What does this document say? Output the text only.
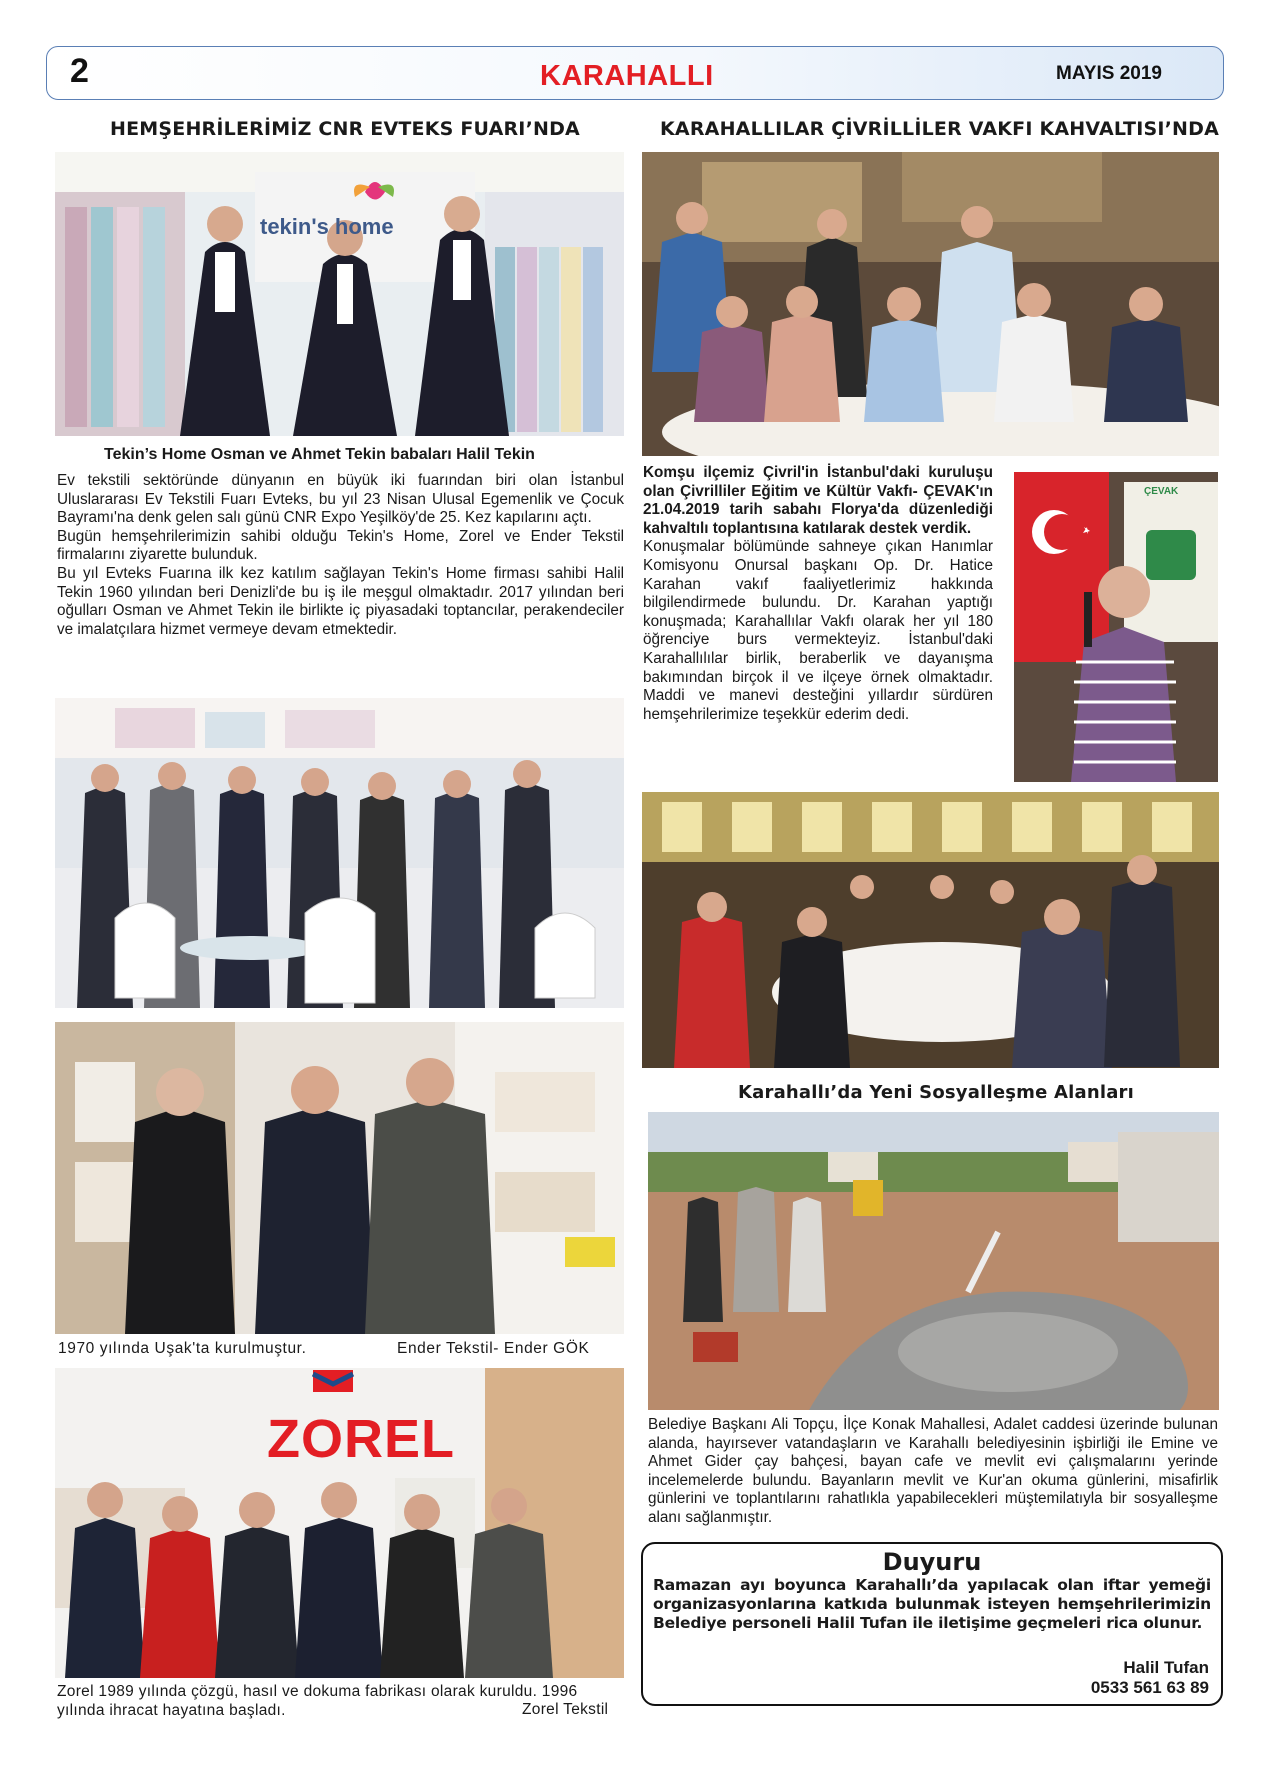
2	KARAHALLI	MAYIS 2019
HEMŞEHRİLERİMİZ CNR EVTEKS FUARI’NDA
tekin's home
Tekin’s Home Osman ve Ahmet Tekin babaları Halil Tekin

Ev tekstili sektöründe dünyanın en büyük iki fuarından biri olan İstanbul Uluslararası Ev Tekstili Fuarı Evteks, bu yıl 23 Nisan Ulusal Egemenlik ve Çocuk Bayramı'na denk gelen salı günü CNR Expo Yeşilköy'de 25. Kez kapılarını açtı.

Bugün hemşehrilerimizin sahibi olduğu Tekin's Home, Zorel ve Ender Tekstil firmalarını ziyarette bulunduk.

Bu yıl Evteks Fuarına ilk kez katılım sağlayan Tekin's Home firması sahibi Halil Tekin 1960 yılından beri Denizli'de bu iş ile meşgul olmaktadır. 2017 yılından beri oğulları Osman ve Ahmet Tekin ile birlikte iç piyasadaki toptancılar, perakendeciler ve imalatçılara hizmet vermeye devam etmektedir.

1970 yılında Uşak'ta kurulmuştur.	Ender Tekstil- Ender GÖK
ZOREL
Zorel 1989 yılında çözgü, hasıl ve dokuma fabrikası olarak kuruldu. 1996 yılında ihracat hayatına başladı.	Zorel Tekstil
KARAHALLILAR ÇİVRİLLİLER VAKFI KAHVALTISI’NDA

Komşu ilçemiz Çivril'in İstanbul'daki kuruluşu olan Çivrilliler Eğitim ve Kültür Vakfı- ÇEVAK'ın 21.04.2019 tarih sabahı Florya'da düzenlediği kahvaltılı toplantısına katılarak destek verdik.

Konuşmalar bölümünde sahneye çıkan Hanımlar Komisyonu Onursal başkanı Op. Dr. Hatice Karahan vakıf faaliyetlerimiz hakkında bilgilendirmede bulundu. Dr. Karahan yaptığı konuşmada; Karahallılar Vakfı olarak her yıl 180 öğrenciye burs vermekteyiz. İstanbul'daki Karahallılılar birlik, beraberlik ve dayanışma bakımından birçok il ve ilçeye örnek olmaktadır. Maddi ve manevi desteğini yıllardır sürdüren hemşehrilerimize teşekkür ederim dedi.

ÇEVAK
Karahallı’da Yeni Sosyalleşme Alanları

Belediye Başkanı Ali Topçu, İlçe Konak Mahallesi, Adalet caddesi üzerinde bulunan alanda, hayırsever vatandaşların ve Karahallı belediyesinin işbirliği ile Emine ve Ahmet Gider çay bahçesi, bayan cafe ve mevlit evi çalışmalarını yerinde incelemelerde bulundu. Bayanların mevlit ve Kur'an okuma günlerini, misafirlik günlerini ve toplantılarını rahatlıkla yapabilecekleri müştemilatıyla bir sosyalleşme alanı sağlanmıştır.

Duyuru
Ramazan ayı boyunca Karahallı’da yapılacak olan iftar yemeği organizasyonlarına katkıda bulunmak isteyen hemşehrilerimizin Belediye personeli Halil Tufan ile iletişime geçmeleri rica olunur.
Halil Tufan
0533 561 63 89
